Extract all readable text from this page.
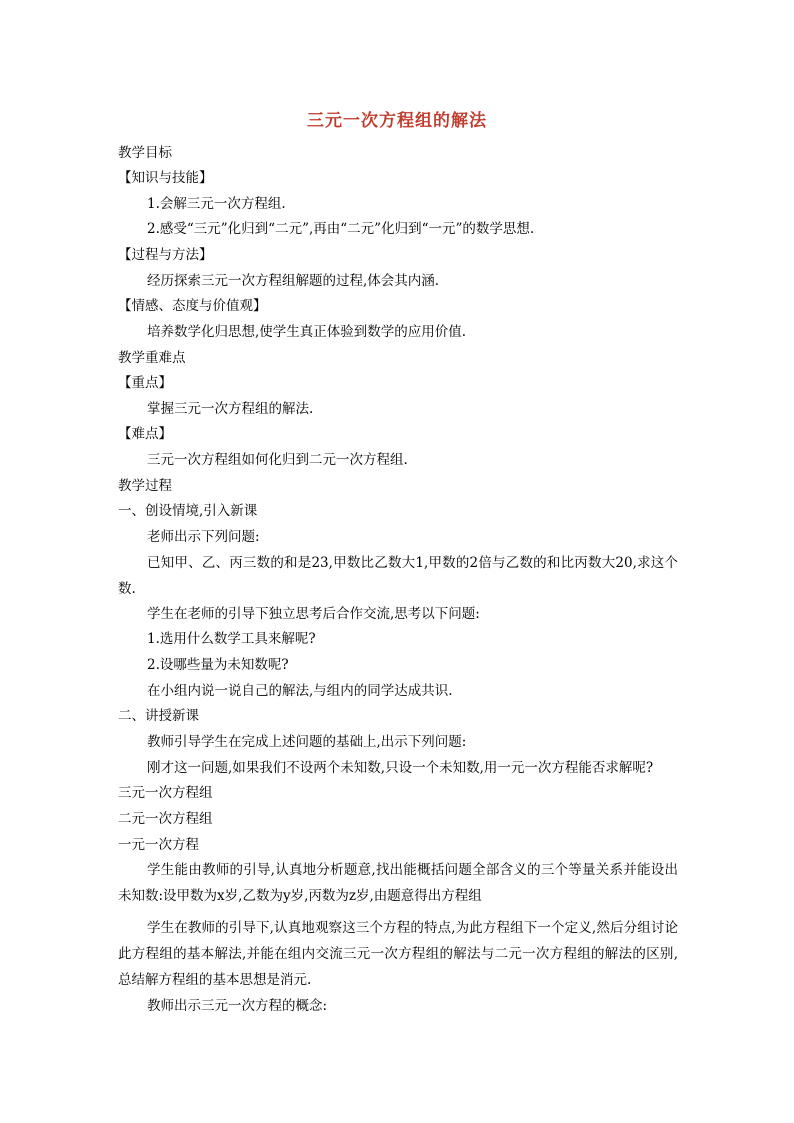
三元一次方程组的解法
教学目标
【知识与技能】
1.会解三元一次方程组.
2.感受“三元”化归到“二元”,再由“二元”化归到“一元”的数学思想.
【过程与方法】
经历探索三元一次方程组解题的过程,体会其内涵.
【情感、态度与价值观】
培养数学化归思想,使学生真正体验到数学的应用价值.
教学重难点
【重点】
掌握三元一次方程组的解法.
【难点】
三元一次方程组如何化归到二元一次方程组.
教学过程
一、创设情境,引入新课
老师出示下列问题:
已知甲、乙、丙三数的和是23,甲数比乙数大1,甲数的2倍与乙数的和比丙数大20,求这个数.
学生在老师的引导下独立思考后合作交流,思考以下问题:
1.选用什么数学工具来解呢?
2.设哪些量为未知数呢?
在小组内说一说自己的解法,与组内的同学达成共识.
二、讲授新课
教师引导学生在完成上述问题的基础上,出示下列问题:
刚才这一问题,如果我们不设两个未知数,只设一个未知数,用一元一次方程能否求解呢?
三元一次方程组
二元一次方程组
一元一次方程
学生能由教师的引导,认真地分析题意,找出能概括问题全部含义的三个等量关系并能设出未知数:设甲数为x岁,乙数为y岁,丙数为z岁,由题意得出方程组
学生在教师的引导下,认真地观察这三个方程的特点,为此方程组下一个定义,然后分组讨论此方程组的基本解法,并能在组内交流三元一次方程组的解法与二元一次方程组的解法的区别,总结解方程组的基本思想是消元.
教师出示三元一次方程的概念:
